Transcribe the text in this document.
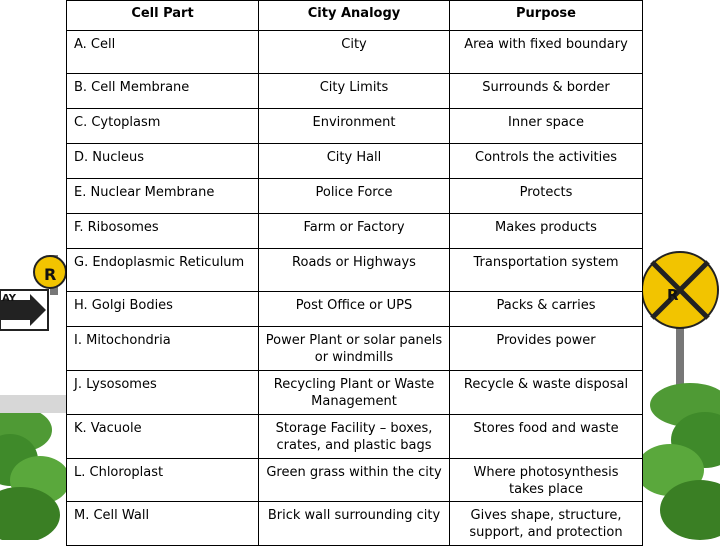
R
AY	R
Cell Part	City Analogy	Purpose
A. Cell	City	Area with fixed boundary
B. Cell Membrane	City Limits	Surrounds & border
C. Cytoplasm	Environment	Inner space
D. Nucleus	City Hall	Controls the activities
E. Nuclear Membrane	Police Force	Protects
F. Ribosomes	Farm or Factory	Makes products
G. Endoplasmic Reticulum	Roads or Highways	Transportation system
H. Golgi Bodies	Post Office or UPS	Packs & carries
I. Mitochondria	Power Plant or solar panels or windmills	Provides power
J. Lysosomes	Recycling Plant or Waste Management	Recycle & waste disposal
K. Vacuole	Storage Facility – boxes, crates, and plastic bags	Stores food and waste
L. Chloroplast	Green grass within the city	Where photosynthesis takes place
M. Cell Wall	Brick wall surrounding city	Gives shape, structure, support, and protection
